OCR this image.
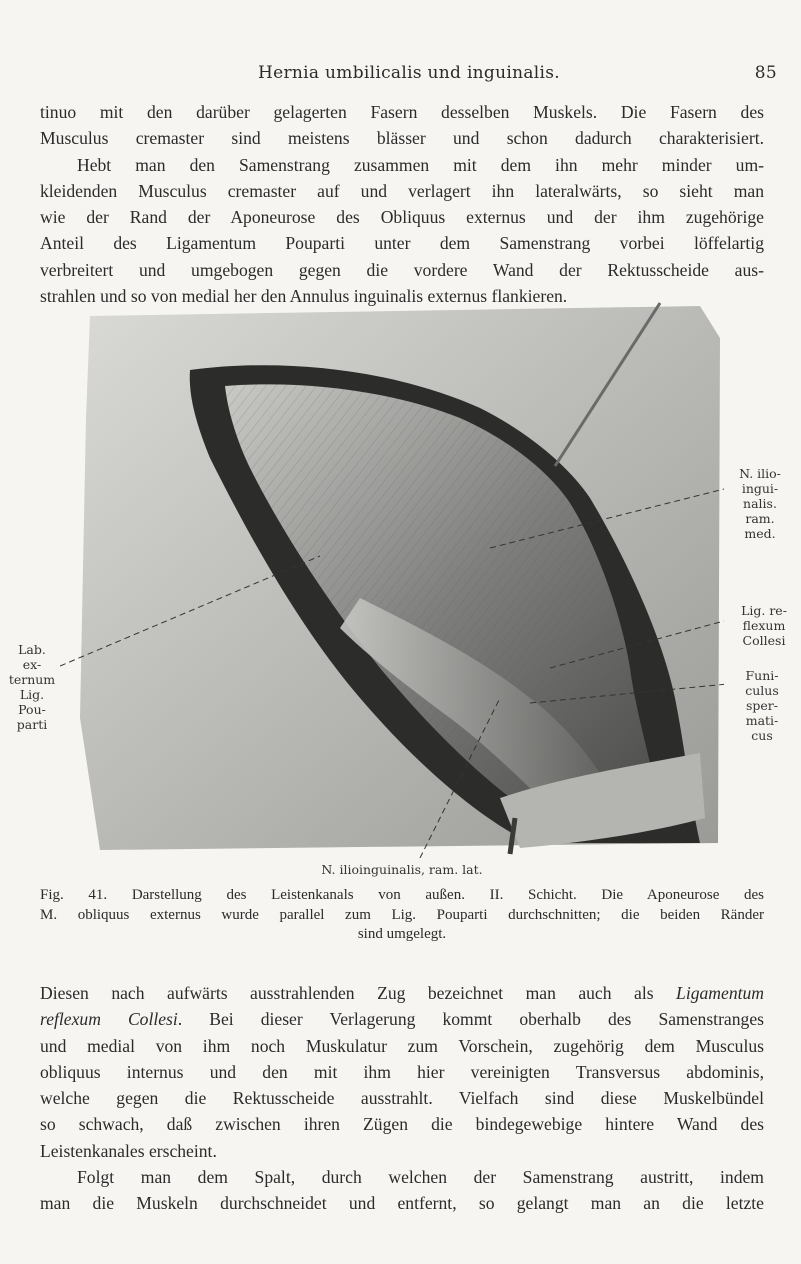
Hernia umbilicalis und inguinalis.	85
tinuo mit den darüber gelagerten Fasern desselben Muskels. Die Fasern des
Musculus cremaster sind meistens blässer und schon dadurch charakterisiert.
Hebt man den Samenstrang zusammen mit dem ihn mehr minder um-
kleidenden Musculus cremaster auf und verlagert ihn lateralwärts, so sieht man
wie der Rand der Aponeurose des Obliquus externus und der ihm zugehörige
Anteil des Ligamentum Pouparti unter dem Samenstrang vorbei löffelartig
verbreitert und umgebogen gegen die vordere Wand der Rektusscheide aus-
strahlen und so von medial her den Annulus inguinalis externus flankieren.
Lab.
ex-
ternum
Lig.
Pou-
parti
N. ilio-
ingui-
nalis.
ram.
med.
Lig. re-
flexum
Collesi
Funi-
culus
sper-
mati-
cus
N. ilioinguinalis, ram. lat.
Fig. 41. Darstellung des Leistenkanals von außen. II. Schicht. Die Aponeurose des
M. obliquus externus wurde parallel zum Lig. Pouparti durchschnitten; die beiden Ränder
sind umgelegt.
Diesen nach aufwärts ausstrahlenden Zug bezeichnet man auch als Ligamentum
reflexum Collesi. Bei dieser Verlagerung kommt oberhalb des Samenstranges
und medial von ihm noch Muskulatur zum Vorschein, zugehörig dem Musculus
obliquus internus und den mit ihm hier vereinigten Transversus abdominis,
welche gegen die Rektusscheide ausstrahlt. Vielfach sind diese Muskelbündel
so schwach, daß zwischen ihren Zügen die bindegewebige hintere Wand des
Leistenkanales erscheint.
Folgt man dem Spalt, durch welchen der Samenstrang austritt, indem
man die Muskeln durchschneidet und entfernt, so gelangt man an die letzte
